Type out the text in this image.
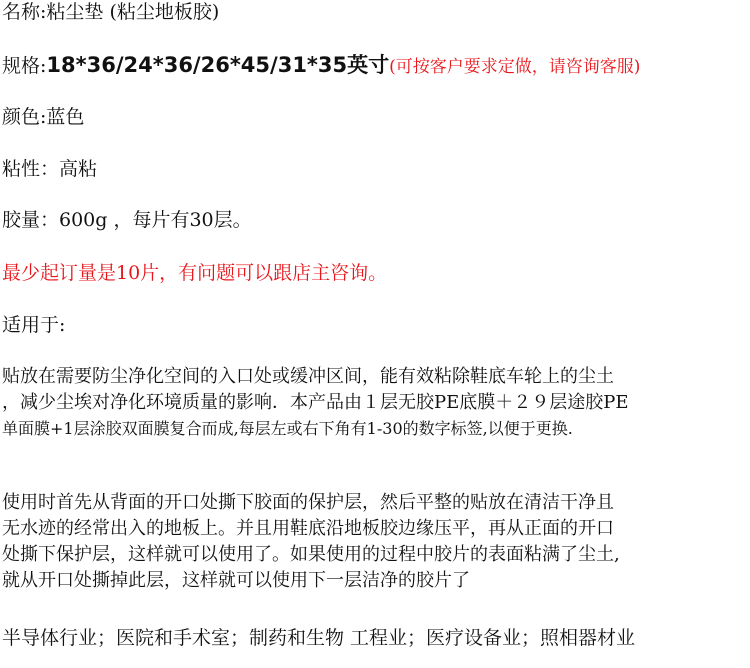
名称:粘尘垫 (粘尘地板胶)
规格:18*36/24*36/26*45/31*35英寸(可按客户要求定做，请咨询客服)
颜色:蓝色
粘性：高粘
胶量：600g ，每片有30层。
最少起订量是10片，有问题可以跟店主咨询。
适用于:
贴放在需要防尘净化空间的入口处或缓冲区间，能有效粘除鞋底车轮上的尘土
，减少尘埃对净化环境质量的影响．本产品由１层无胶PE底膜＋２９层途胶PE
单面膜+1层涂胶双面膜复合而成,每层左或右下角有1-30的数字标签,以便于更换.
使用时首先从背面的开口处撕下胶面的保护层，然后平整的贴放在清洁干净且
无水迹的经常出入的地板上。并且用鞋底沿地板胶边缘压平，再从正面的开口
处撕下保护层，这样就可以使用了。如果使用的过程中胶片的表面粘满了尘土,
就从开口处撕掉此层，这样就可以使用下一层洁净的胶片了
半导体行业；医院和手术室；制药和生物 工程业；医疗设备业；照相器材业
